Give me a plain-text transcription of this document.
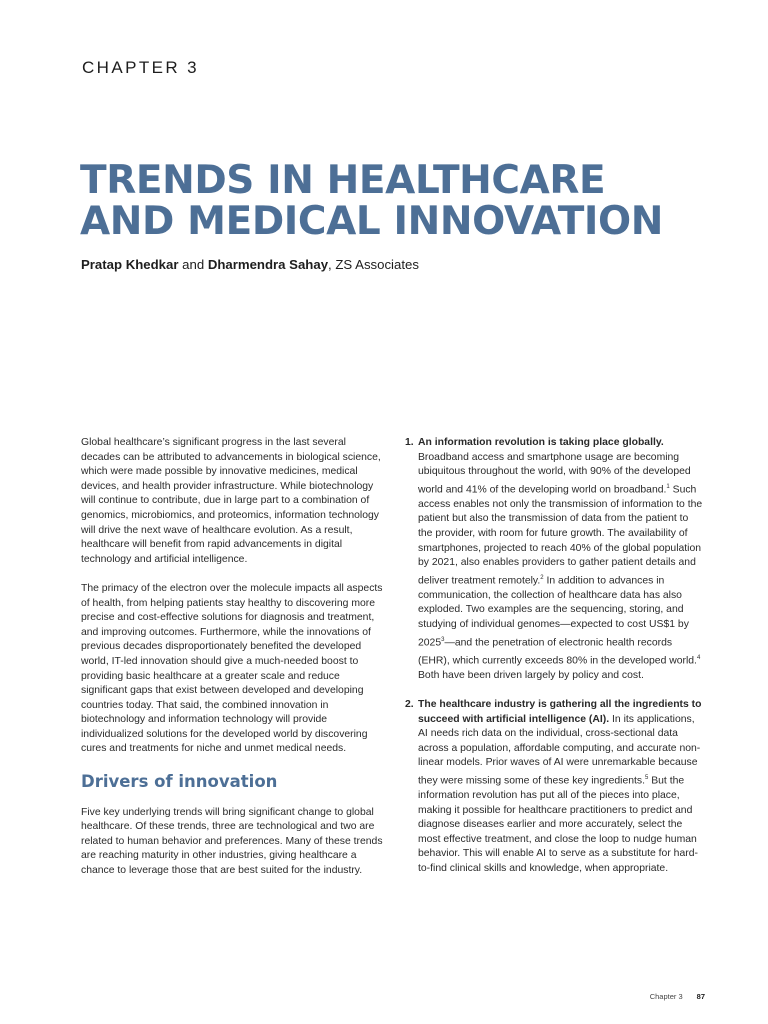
CHAPTER 3
TRENDS IN HEALTHCARE
AND MEDICAL INNOVATION
Pratap Khedkar and Dharmendra Sahay, ZS Associates

Global healthcare’s significant progress in the last several decades can be attributed to advancements in biological science, which were made possible by innovative medicines, medical devices, and health provider infrastructure. While biotechnology will continue to contribute, due in large part to a combination of genomics, microbiomics, and proteomics, information technology will drive the next wave of healthcare evolution. As a result, healthcare will benefit from rapid advancements in digital technology and artificial intelligence.

The primacy of the electron over the molecule impacts all aspects of health, from helping patients stay healthy to discovering more precise and cost-effective solutions for diagnosis and treatment, and improving outcomes. Furthermore, while the innovations of previous decades disproportionately benefited the developed world, IT-led innovation should give a much-needed boost to providing basic healthcare at a greater scale and reduce significant gaps that exist between developed and developing countries today. That said, the combined innovation in biotechnology and information technology will provide individualized solutions for the developed world by discovering cures and treatments for niche and unmet medical needs.

Drivers of innovation

Five key underlying trends will bring significant change to global healthcare. Of these trends, three are technological and two are related to human behavior and preferences. Many of these trends are reaching maturity in other industries, giving healthcare a chance to leverage those that are best suited for the industry.

1. An information revolution is taking place globally. Broadband access and smartphone usage are becoming ubiquitous throughout the world, with 90% of the developed world and 41% of the developing world on broadband.$^1$ Such access enables not only the transmission of information to the patient but also the transmission of data from the patient to the provider, with room for future growth. The availability of smartphones, projected to reach 40% of the global population by 2021, also enables providers to gather patient details and deliver treatment remotely.$^2$ In addition to advances in communication, the collection of healthcare data has also exploded. Two examples are the sequencing, storing, and studying of individual genomes—expected to cost US$1 by 2025$^3$—and the penetration of electronic health records (EHR), which currently exceeds 80% in the developed world.$^4$ Both have been driven largely by policy and cost.
2. The healthcare industry is gathering all the ingredients to succeed with artificial intelligence (AI). In its applications, AI needs rich data on the individual, cross-sectional data across a population, affordable computing, and accurate non-linear models. Prior waves of AI were unremarkable because they were missing some of these key ingredients.$^5$ But the information revolution has put all of the pieces into place, making it possible for healthcare practitioners to predict and diagnose diseases earlier and more accurately, select the most effective treatment, and close the loop to nudge human behavior. This will enable AI to serve as a substitute for hard-to-find clinical skills and knowledge, when appropriate.
Chapter 3 87
